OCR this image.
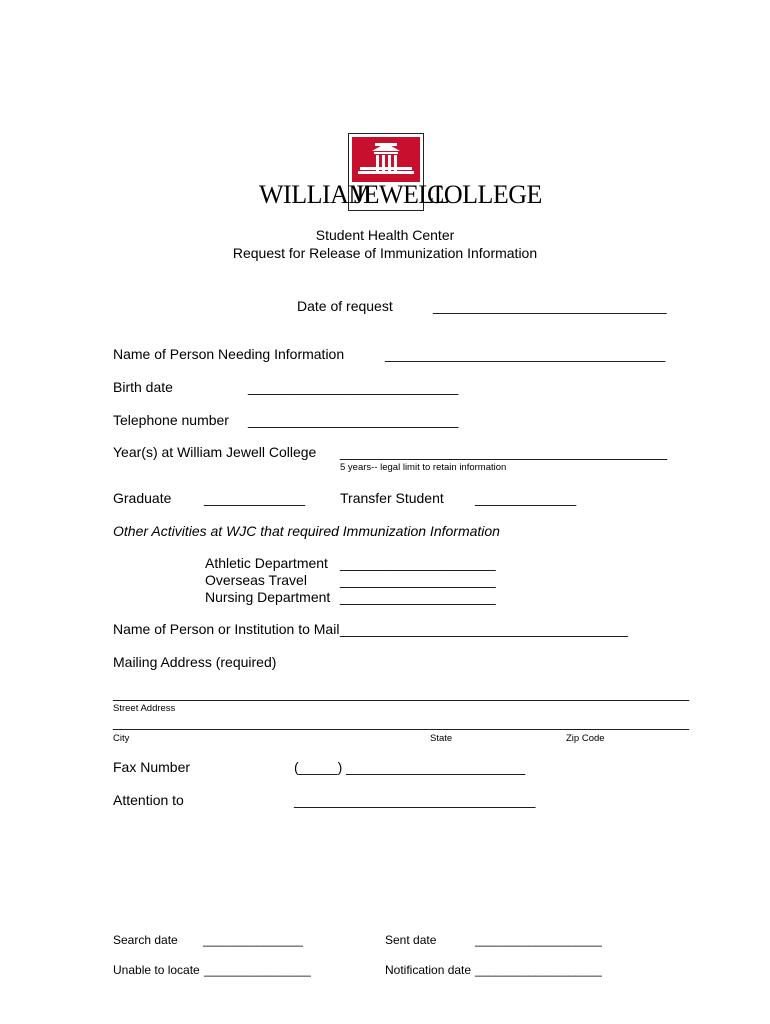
WILLIAM
JEWELL
COLLEGE
Student Health Center
Request for Release of Immunization Information
Date of request	______________________________
Name of Person Needing Information	____________________________________
Birth date	___________________________
Telephone number ___________________________
Year(s) at William Jewell College __________________________________________
5 years-- legal limit to retain information
Graduate _____________ Transfer Student _____________
Other Activities at WJC that required Immunization Information
Athletic Department ____________________
Overseas Travel ____________________
Nursing Department ____________________
Name of Person or Institution to Mail _____________________________________
Mailing Address (required)
__________________________________________________________________________
Street Address
__________________________________________________________________________
City	State	Zip Code
Fax Number	(_____) _______________________
Attention to	_______________________________
Search date _______________	Sent date	___________________
Unable to locate ________________	Notification date ___________________
